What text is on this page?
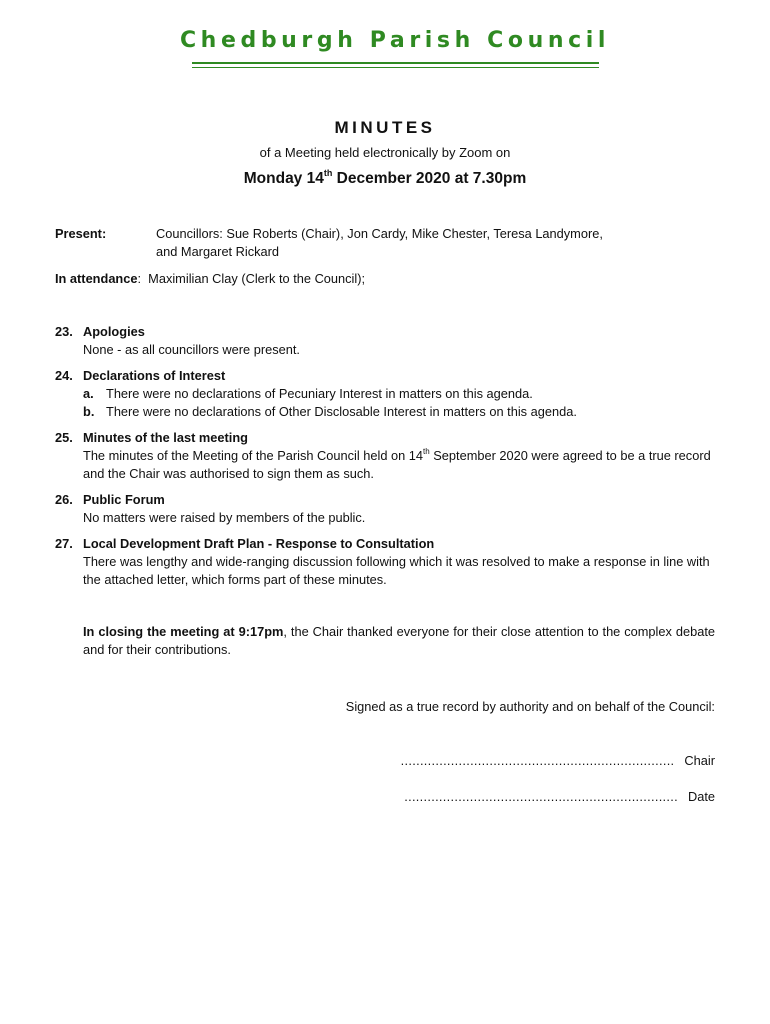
Chedburgh Parish Council
MINUTES
of a Meeting held electronically by Zoom on
Monday 14th December 2020 at 7.30pm
Present:	Councillors: Sue Roberts (Chair), Jon Cardy, Mike Chester, Teresa Landymore,
and Margaret Rickard
In attendance:  Maximilian Clay (Clerk to the Council);
23. Apologies
None - as all councillors were present.
24. Declarations of Interest
a. There were no declarations of Pecuniary Interest in matters on this agenda.
b. There were no declarations of Other Disclosable Interest in matters on this agenda.
25. Minutes of the last meeting
The minutes of the Meeting of the Parish Council held on 14th September 2020 were agreed to be a true record and the Chair was authorised to sign them as such.
26. Public Forum
No matters were raised by members of the public.
27. Local Development Draft Plan - Response to Consultation
There was lengthy and wide-ranging discussion following which it was resolved to make a response in line with the attached letter, which forms part of these minutes.
In closing the meeting at 9:17pm, the Chair thanked everyone for their close attention to the complex debate and for their contributions.
Signed as a true record by authority and on behalf of the Council:
....................................................................... Chair
....................................................................... Date
